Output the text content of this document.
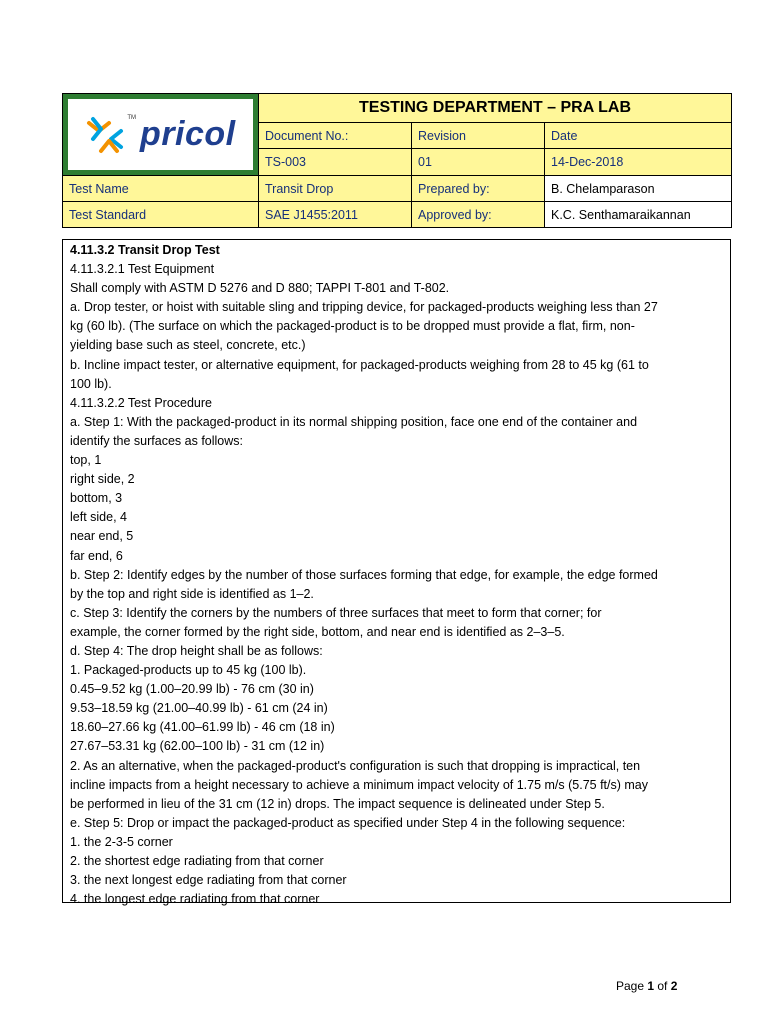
TM pricol	TESTING DEPARTMENT – PRA LAB		
	Document No.:	Revision	Date
	TS-003	01	14-Dec-2018
Test Name	Transit Drop	Prepared by:	B. Chelamparason
Test Standard	SAE J1455:2011	Approved by:	K.C. Senthamaraikannan
4.11.3.2 Transit Drop Test
4.11.3.2.1 Test Equipment
Shall comply with ASTM D 5276 and D 880; TAPPI T-801 and T-802.
a. Drop tester, or hoist with suitable sling and tripping device, for packaged-products weighing less than 27
kg (60 lb). (The surface on which the packaged-product is to be dropped must provide a flat, firm, non-
yielding base such as steel, concrete, etc.)
b. Incline impact tester, or alternative equipment, for packaged-products weighing from 28 to 45 kg (61 to
100 lb).
4.11.3.2.2 Test Procedure
a. Step 1: With the packaged-product in its normal shipping position, face one end of the container and
identify the surfaces as follows:
top, 1
right side, 2
bottom, 3
left side, 4
near end, 5
far end, 6
b. Step 2: Identify edges by the number of those surfaces forming that edge, for example, the edge formed
by the top and right side is identified as 1–2.
c. Step 3: Identify the corners by the numbers of three surfaces that meet to form that corner; for
example, the corner formed by the right side, bottom, and near end is identified as 2–3–5.
d. Step 4: The drop height shall be as follows:
1. Packaged-products up to 45 kg (100 lb).
0.45–9.52 kg (1.00–20.99 lb) - 76 cm (30 in)
9.53–18.59 kg (21.00–40.99 lb) - 61 cm (24 in)
18.60–27.66 kg (41.00–61.99 lb) - 46 cm (18 in)
27.67–53.31 kg (62.00–100 lb) - 31 cm (12 in)
2. As an alternative, when the packaged-product's configuration is such that dropping is impractical, ten
incline impacts from a height necessary to achieve a minimum impact velocity of 1.75 m/s (5.75 ft/s) may
be performed in lieu of the 31 cm (12 in) drops. The impact sequence is delineated under Step 5.
e. Step 5: Drop or impact the packaged-product as specified under Step 4 in the following sequence:
1. the 2-3-5 corner
2. the shortest edge radiating from that corner
3. the next longest edge radiating from that corner
4. the longest edge radiating from that corner
Page 1 of 2
